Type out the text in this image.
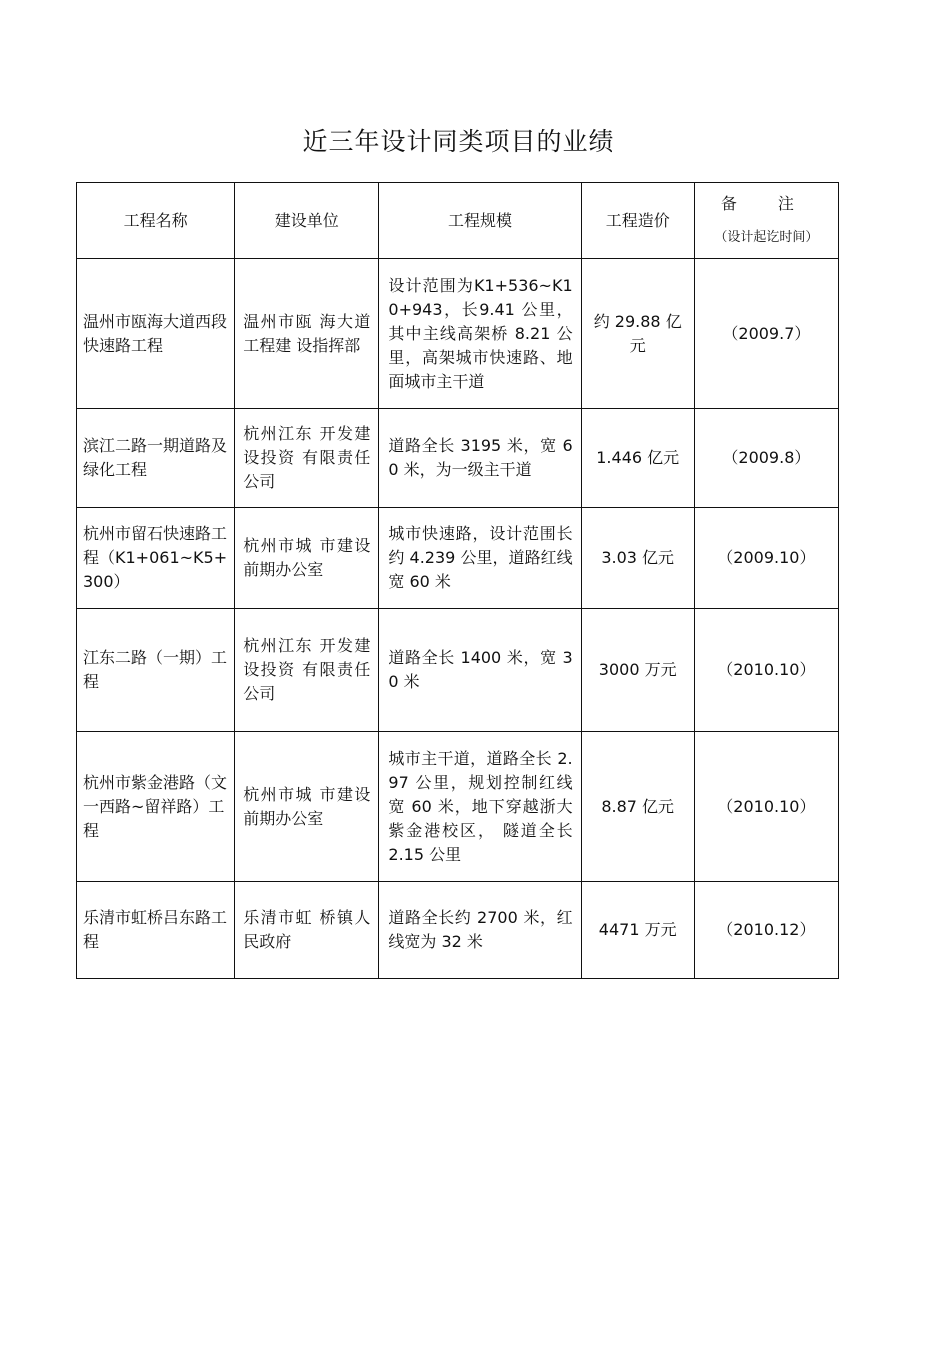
近三年设计同类项目的业绩
工程名称	建设单位	工程规模	工程造价	备 注
（设计起讫时间）

温州市瓯海大道西段快速路工程	温州市瓯 海大道工程建 设指挥部	设计范围为K1+536~K10+943，长9.41 公里，其中主线高架桥 8.21 公里，高架城市快速路、地面城市主干道	约 29.88 亿元	（2009.7）
滨江二路一期道路及绿化工程	杭州江东 开发建设投资 有限责任公司	道路全长 3195 米，宽 60 米，为一级主干道	1.446 亿元	（2009.8）
杭州市留石快速路工程（K1+061~K5+300）	杭州市城 市建设前期办公室	城市快速路，设计范围长约 4.239 公里，道路红线宽 60 米	3.03 亿元	（2009.10）
江东二路（一期）工程	杭州江东 开发建设投资 有限责任公司	道路全长 1400 米，宽 30 米	3000 万元	（2010.10）
杭州市紫金港路（文一西路~留祥路）工程	杭州市城 市建设前期办公室	城市主干道，道路全长 2.97 公里，规划控制红线宽 60 米，地下穿越浙大紫金港校区， 隧道全长 2.15 公里	8.87 亿元	（2010.10）
乐清市虹桥吕东路工程	乐清市虹 桥镇人民政府	道路全长约 2700 米，红线宽为 32 米	4471 万元	（2010.12）
